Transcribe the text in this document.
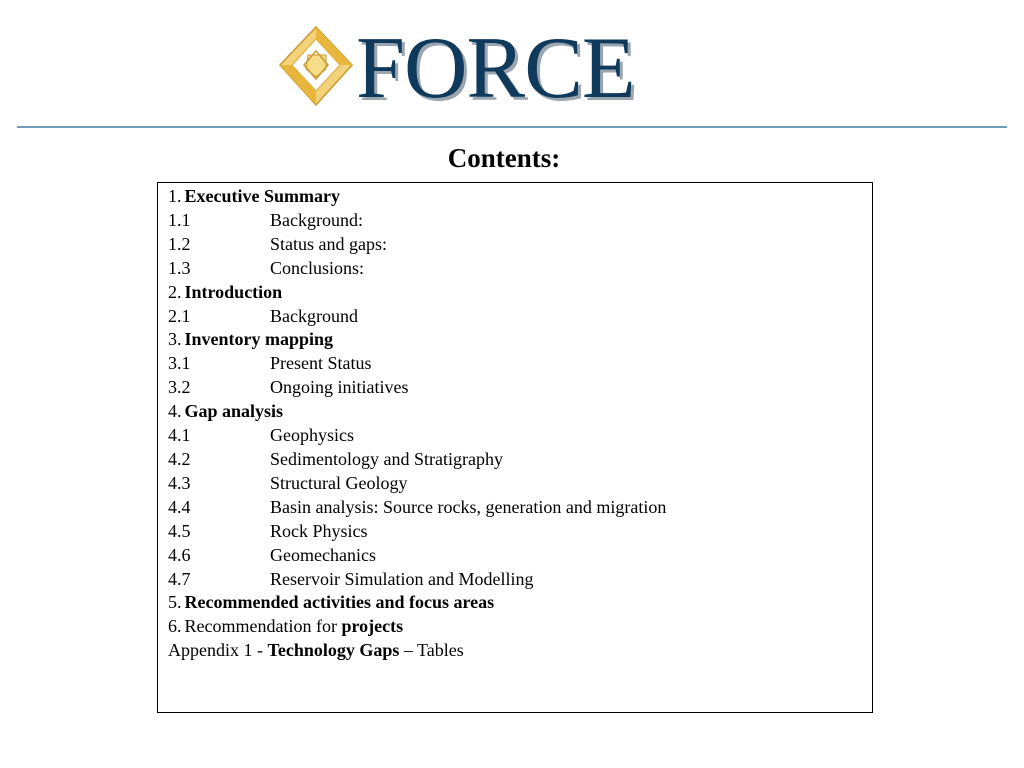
FORCE
Contents:
1. Executive Summary
1.1	Background:
1.2	Status and gaps:
1.3	Conclusions:
2. Introduction
2.1	Background
3. Inventory mapping
3.1	Present Status
3.2	Ongoing initiatives
4. Gap analysis
4.1	Geophysics
4.2	Sedimentology and Stratigraphy
4.3	Structural Geology
4.4	Basin analysis: Source rocks, generation and migration
4.5	Rock Physics
4.6	Geomechanics
4.7	Reservoir Simulation and Modelling
5. Recommended activities and focus areas
6. Recommendation for projects
Appendix 1 - Technology Gaps – Tables
